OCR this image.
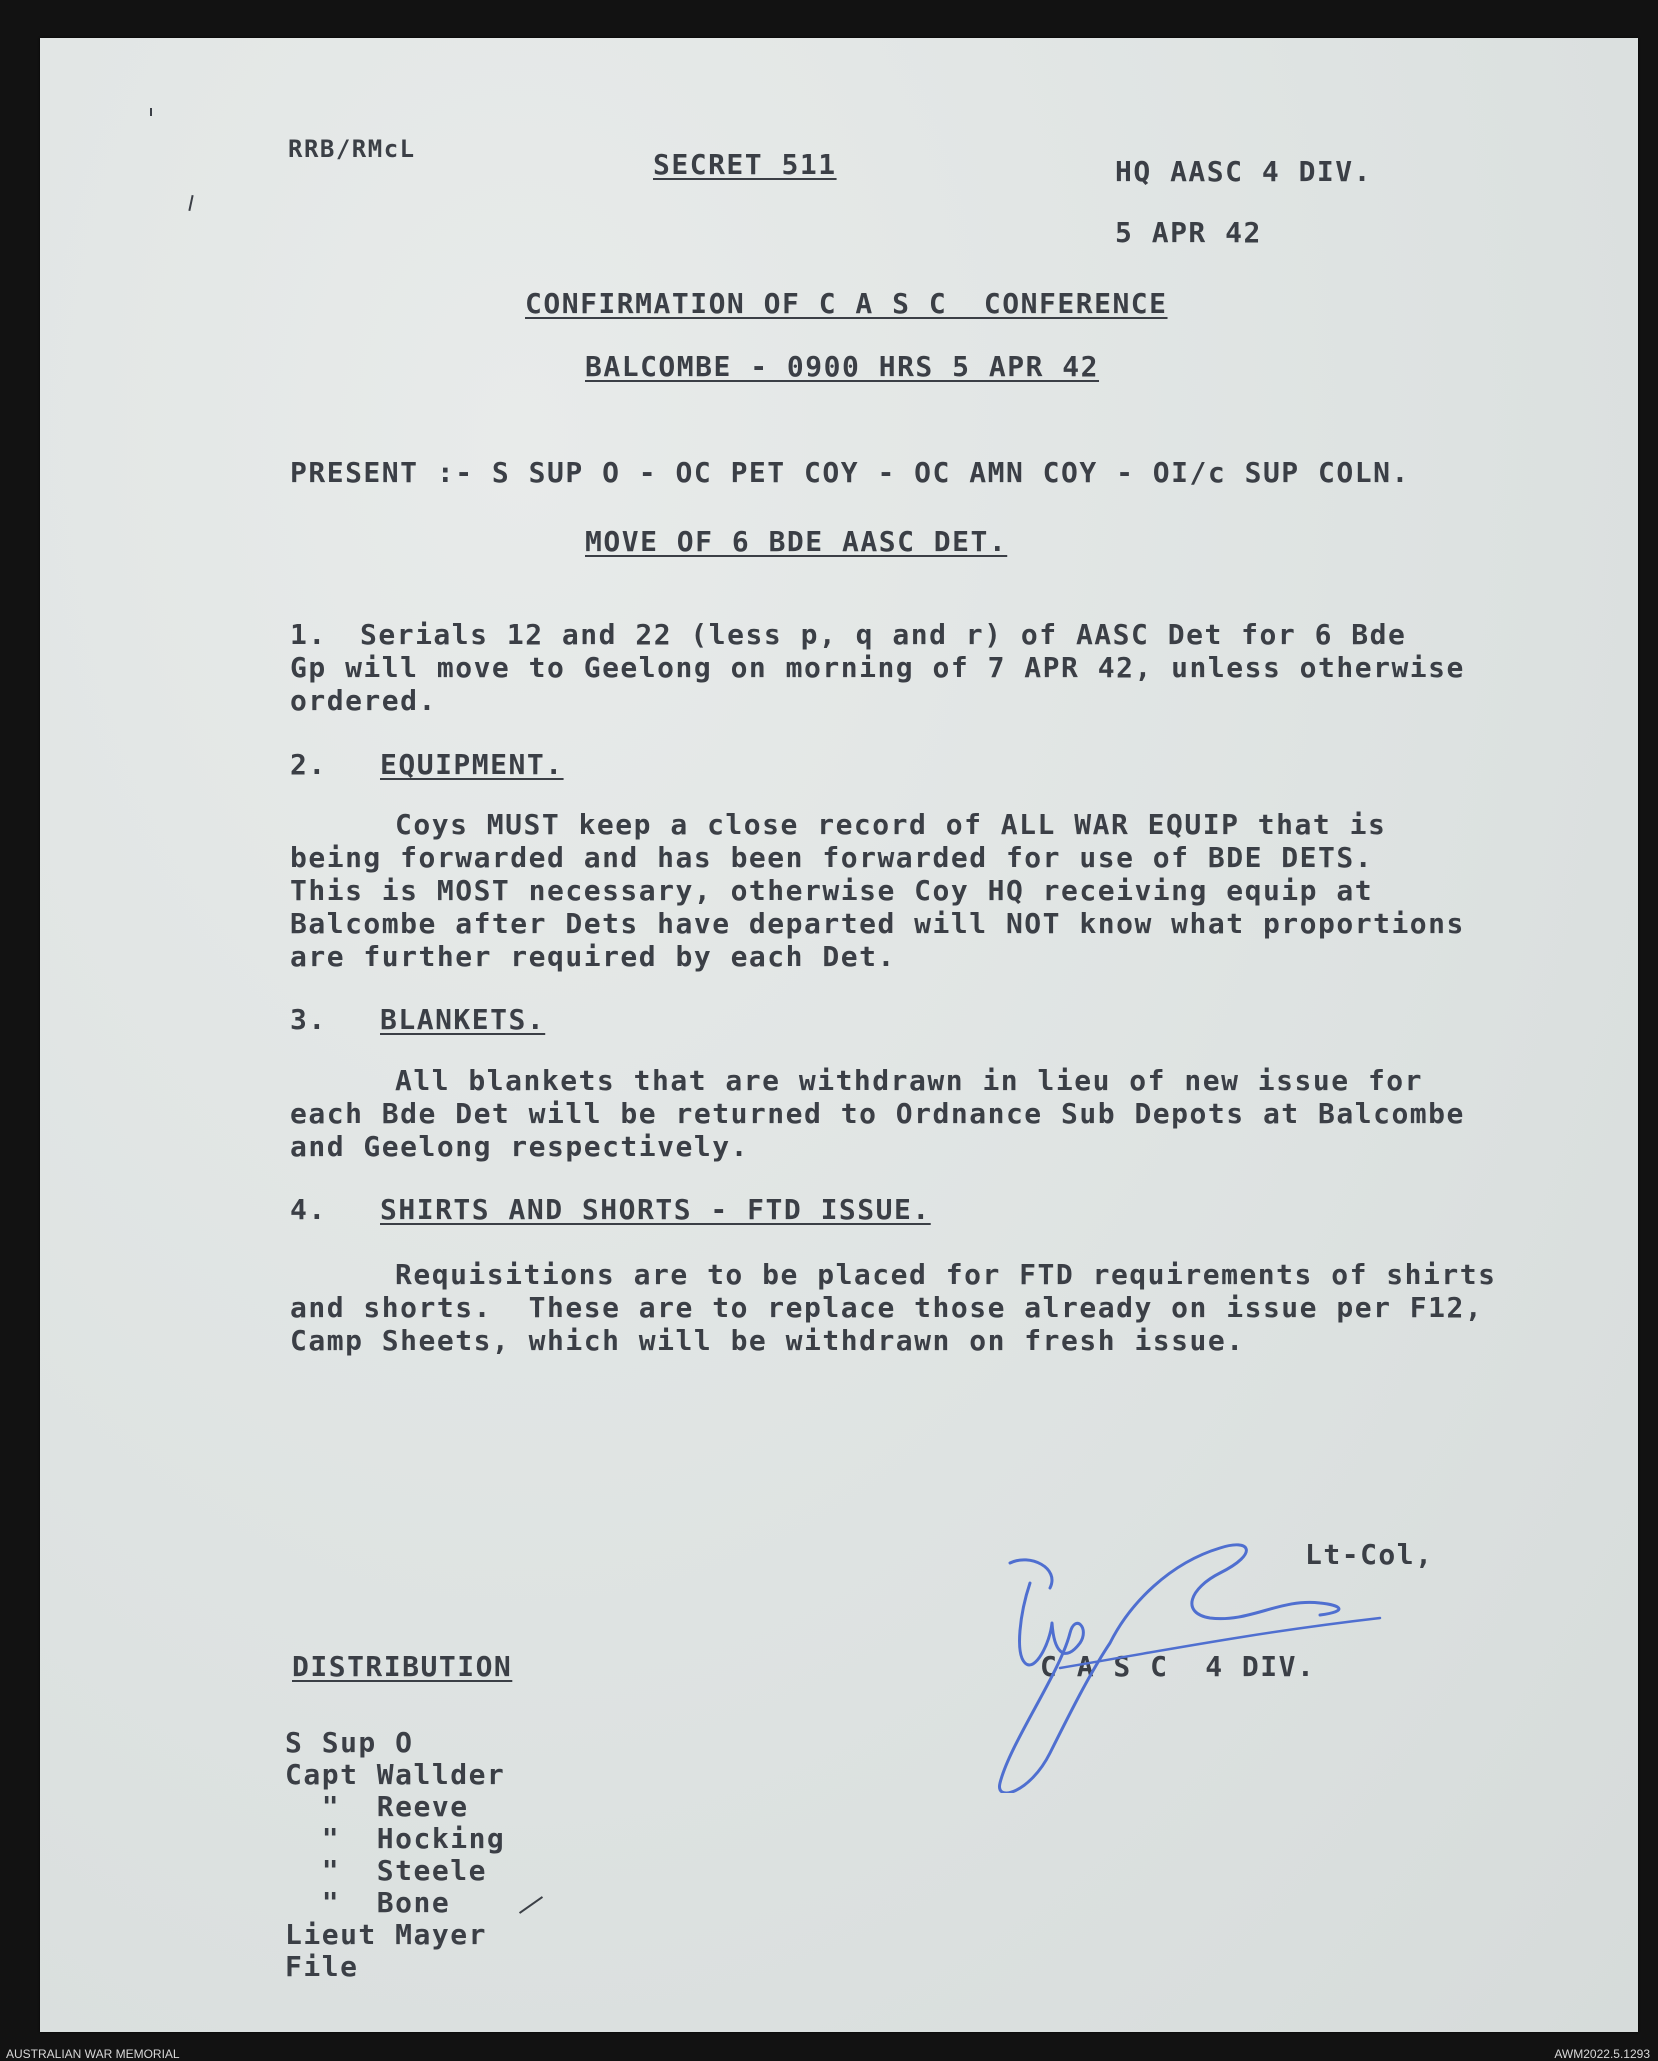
RRB/RMcL	SECRET 511	HQ AASC 4 DIV.
5 APR 42
CONFIRMATION OF C A S C  CONFERENCE
BALCOMBE - 0900 HRS 5 APR 42
PRESENT :- S SUP O - OC PET COY - OC AMN COY - OI/c SUP COLN.
MOVE OF 6 BDE AASC DET.
1. Serials 12 and 22 (less p, q and r) of AASC Det for 6 Bde
Gp will move to Geelong on morning of 7 APR 42, unless otherwise
ordered.
2. EQUIPMENT.
Coys MUST keep a close record of ALL WAR EQUIP that is
being forwarded and has been forwarded for use of BDE DETS.
This is MOST necessary, otherwise Coy HQ receiving equip at
Balcombe after Dets have departed will NOT know what proportions
are further required by each Det.
3. BLANKETS.
All blankets that are withdrawn in lieu of new issue for
each Bde Det will be returned to Ordnance Sub Depots at Balcombe
and Geelong respectively.
4. SHIRTS AND SHORTS - FTD ISSUE.
Requisitions are to be placed for FTD requirements of shirts
and shorts.  These are to replace those already on issue per F12,
Camp Sheets, which will be withdrawn on fresh issue.
Lt-Col,
C A S C  4 DIV.
DISTRIBUTION
S Sup O
Capt Wallder
"  Reeve
"  Hocking
"  Steele
"  Bone
Lieut Mayer
File
AUSTRALIAN WAR MEMORIAL	AWM2022.5.1293
